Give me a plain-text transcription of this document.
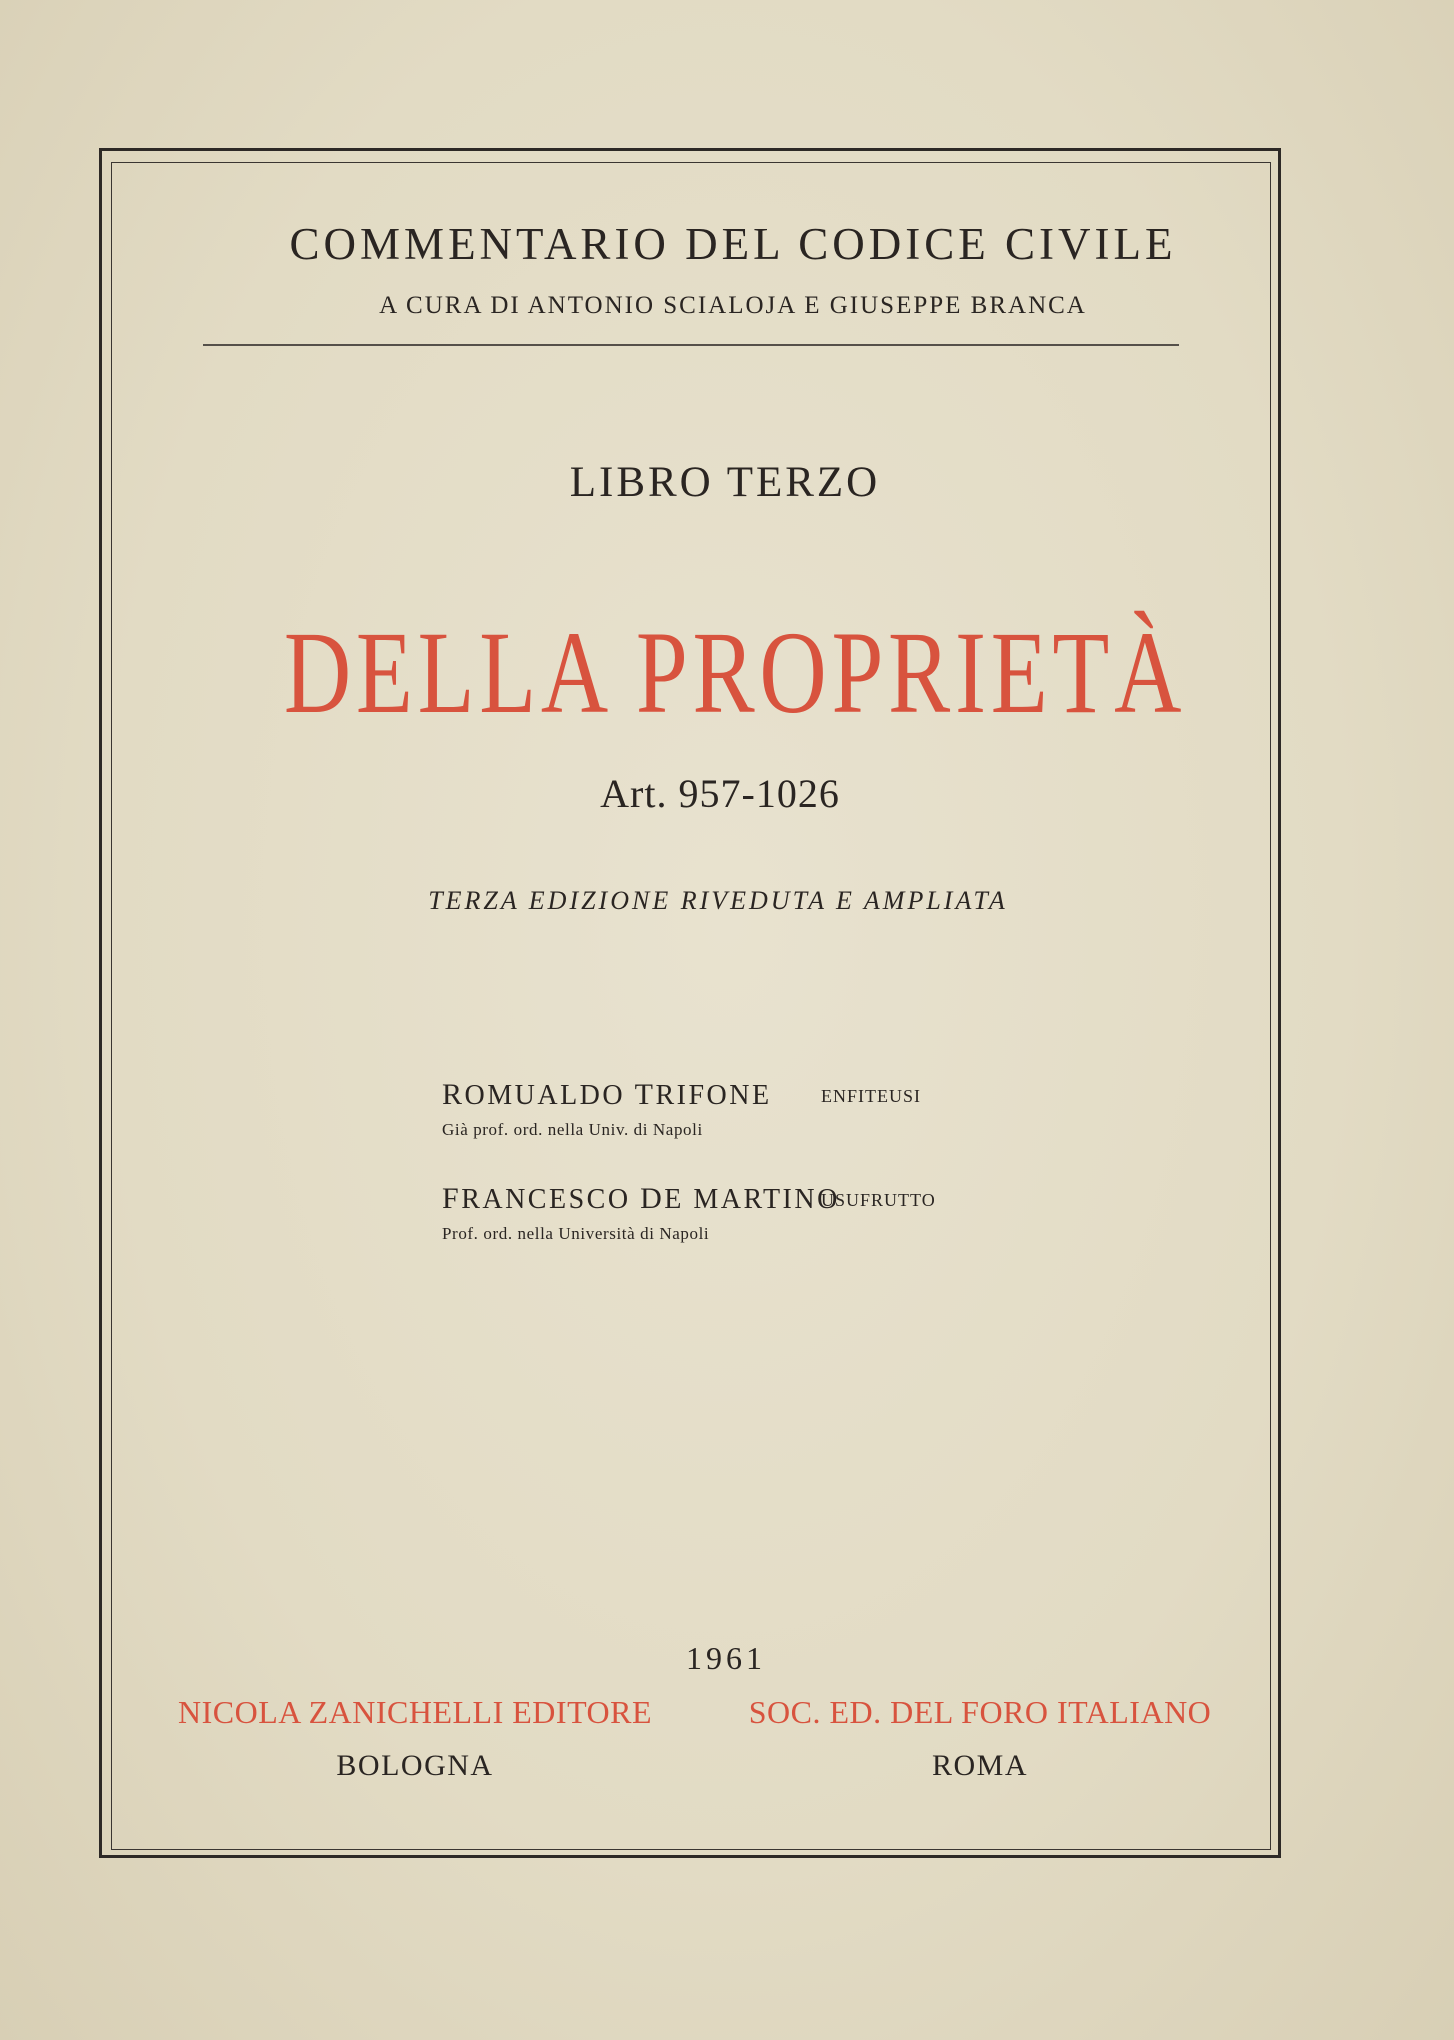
COMMENTARIO DEL CODICE CIVILE
A CURA DI ANTONIO SCIALOJA E GIUSEPPE BRANCA
LIBRO TERZO
DELLA PROPRIETÀ
Art. 957-1026
TERZA EDIZIONE RIVEDUTA E AMPLIATA
ROMUALDO TRIFONE
Già prof. ord. nella Univ. di Napoli
ENFITEUSI
FRANCESCO DE MARTINO
Prof. ord. nella Università di Napoli
USUFRUTTO
1961
NICOLA ZANICHELLI EDITORE
BOLOGNA
SOC. ED. DEL FORO ITALIANO
ROMA
